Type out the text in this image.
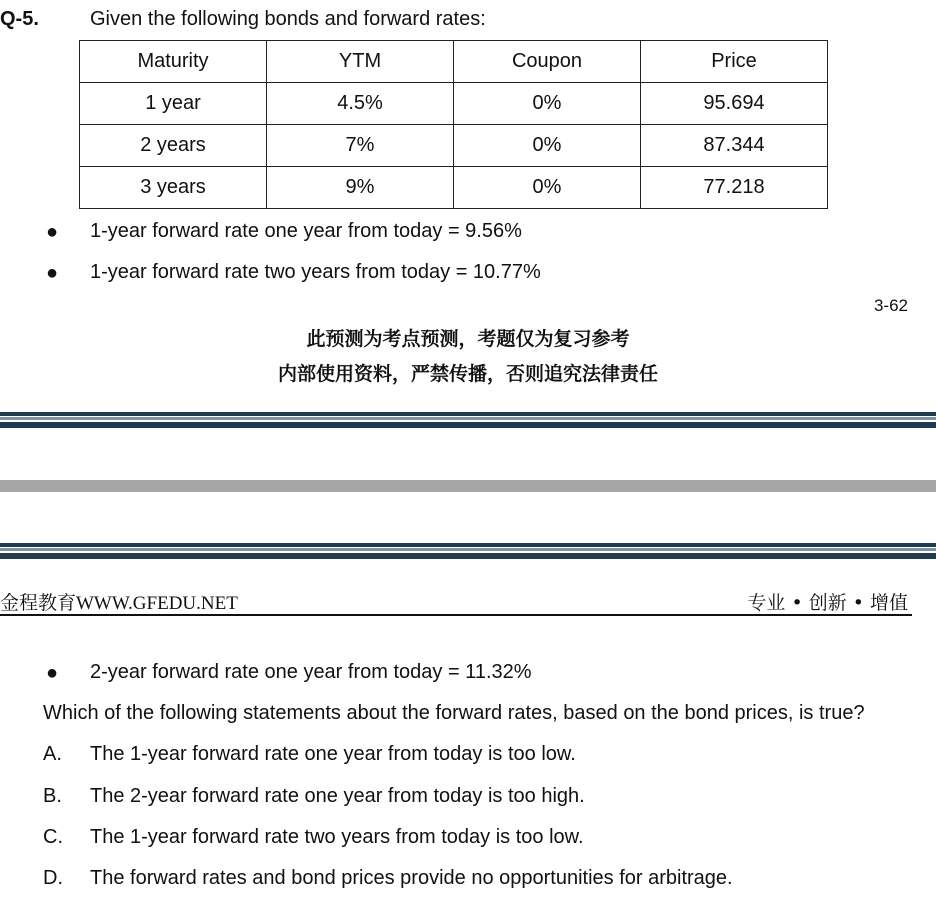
Q-5.	Given the following bonds and forward rates:
Maturity	YTM	Coupon	Price
1 year	4.5%	0%	95.694
2 years	7%	0%	87.344
3 years	9%	0%	77.218
● 1-year forward rate one year from today = 9.56%
● 1-year forward rate two years from today = 10.77%
3-62
此预测为考点预测，考题仅为复习参考
内部使用资料，严禁传播，否则追究法律责任
金程教育WWW.GFEDU.NET	专业 • 创新 • 增值
● 2-year forward rate one year from today = 11.32%
Which of the following statements about the forward rates, based on the bond prices, is true?
A. The 1-year forward rate one year from today is too low.
B. The 2-year forward rate one year from today is too high.
C. The 1-year forward rate two years from today is too low.
D. The forward rates and bond prices provide no opportunities for arbitrage.
